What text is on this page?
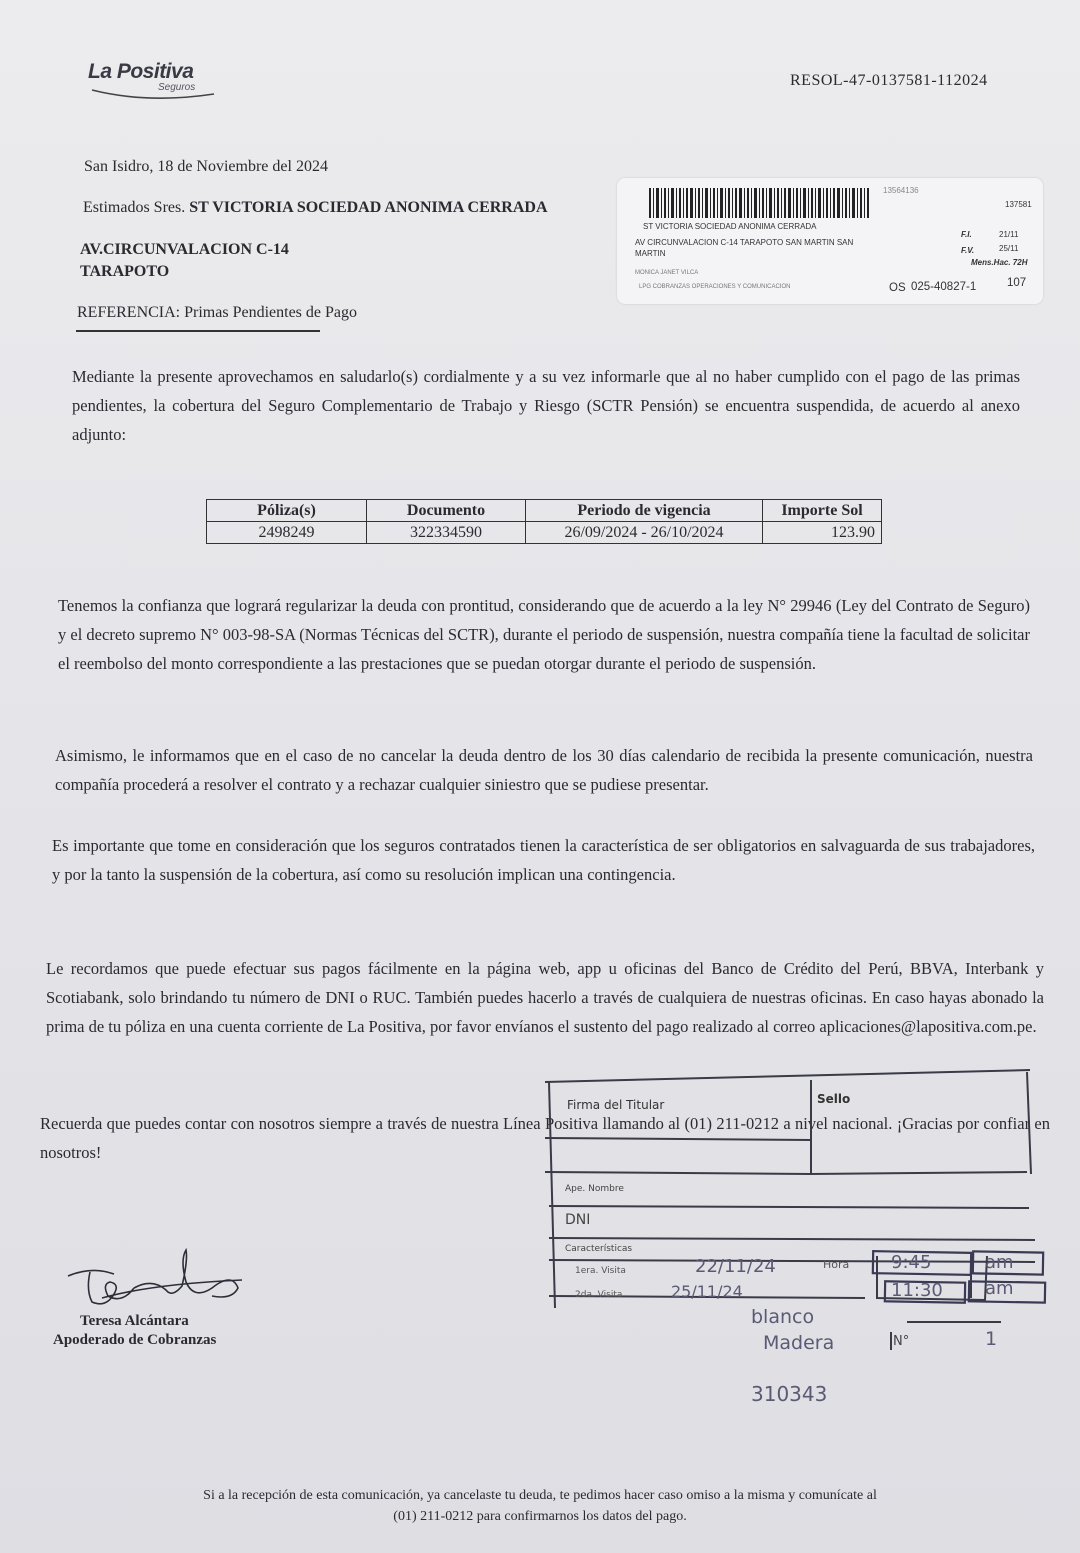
La Positiva
Seguros	RESOL-47-0137581-112024
San Isidro, 18 de Noviembre del 2024
Estimados Sres. ST VICTORIA SOCIEDAD ANONIMA CERRADA
AV.CIRCUNVALACION C-14
TARAPOTO
REFERENCIA: Primas Pendientes de Pago
13564136
137581
ST VICTORIA SOCIEDAD ANONIMA CERRADA
AV CIRCUNVALACION C-14 TARAPOTO SAN MARTIN SAN
MARTIN
MONICA JANET VILCA
LPG COBRANZAS OPERACIONES Y COMUNICACION
F.I.	21/11
F.V.	25/11
Mens.Hac. 72H
OS 025-40827-1	107
Mediante la presente aprovechamos en saludarlo(s) cordialmente y a su vez informarle que al no haber cumplido con el pago de las primas pendientes, la cobertura del Seguro Complementario de Trabajo y Riesgo (SCTR Pensión) se encuentra suspendida, de acuerdo al anexo adjunto:
Póliza(s)	Documento	Periodo de vigencia	Importe Sol
2498249	322334590	26/09/2024 - 26/10/2024	123.90
Tenemos la confianza que logrará regularizar la deuda con prontitud, considerando que de acuerdo a la ley N° 29946 (Ley del Contrato de Seguro) y el decreto supremo N° 003-98-SA (Normas Técnicas del SCTR), durante el periodo de suspensión, nuestra compañía tiene la facultad de solicitar el reembolso del monto correspondiente a las prestaciones que se puedan otorgar durante el periodo de suspensión.
Asimismo, le informamos que en el caso de no cancelar la deuda dentro de los 30 días calendario de recibida la presente comunicación, nuestra compañía procederá a resolver el contrato y a rechazar cualquier siniestro que se pudiese presentar.
Es importante que tome en consideración que los seguros contratados tienen la característica de ser obligatorios en salvaguarda de sus trabajadores, y por la tanto la suspensión de la cobertura, así como su resolución implican una contingencia.
Le recordamos que puede efectuar sus pagos fácilmente en la página web, app u oficinas del Banco de Crédito del Perú, BBVA, Interbank y Scotiabank, solo brindando tu número de DNI o RUC. También puedes hacerlo a través de cualquiera de nuestras oficinas. En caso hayas abonado la prima de tu póliza en una cuenta corriente de La Positiva, por favor envíanos el sustento del pago realizado al correo aplicaciones@lapositiva.com.pe.
Recuerda que puedes contar con nosotros siempre a través de nuestra Línea Positiva llamando al (01) 211-0212 a nivel nacional. ¡Gracias por confiar en nosotros!
Firma del Titular	Sello
Ape. Nombre
DNI
Características
1era. Visita	22/11/24
2da. Visita	25/11/24
Hora 9:45	am
11:30 am
blanco
Madera	N°	1
310343
Teresa Alcántara
Apoderado de Cobranzas
Si a la recepción de esta comunicación, ya cancelaste tu deuda, te pedimos hacer caso omiso a la misma y comunícate al
(01) 211-0212 para confirmarnos los datos del pago.
